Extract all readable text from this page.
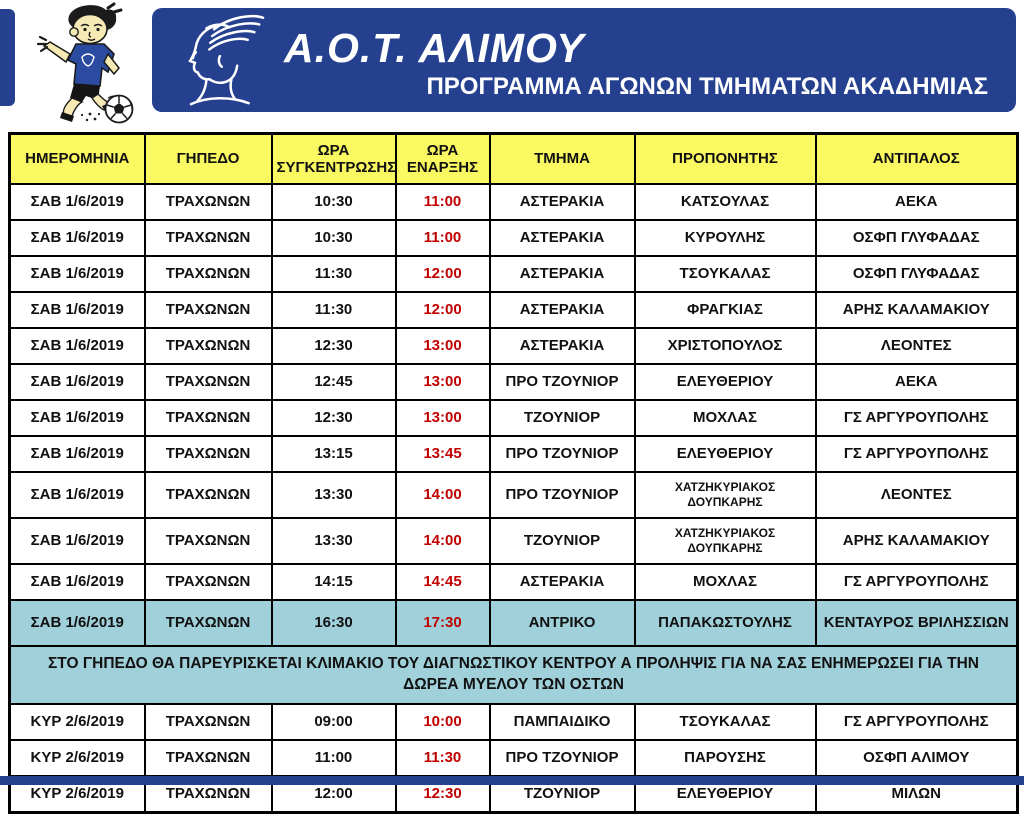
Α.Ο.Τ. ΑΛΙΜΟΥ
ΠΡΟΓΡΑΜΜΑ ΑΓΩΝΩΝ ΤΜΗΜΑΤΩΝ ΑΚΑΔΗΜΙΑΣ
ΗΜΕΡΟΜΗΝΙΑ	ΓΗΠΕΔΟ	ΩΡΑ ΣΥΓΚΕΝΤΡΩΣΗΣ	ΩΡΑ ΕΝΑΡΞΗΣ	ΤΜΗΜΑ	ΠΡΟΠΟΝΗΤΗΣ	ΑΝΤΙΠΑΛΟΣ
ΣΑΒ 1/6/2019	ΤΡΑΧΩΝΩΝ	10:30	11:00	ΑΣΤΕΡΑΚΙΑ	ΚΑΤΣΟΥΛΑΣ	ΑΕΚΑ
ΣΑΒ 1/6/2019	ΤΡΑΧΩΝΩΝ	10:30	11:00	ΑΣΤΕΡΑΚΙΑ	ΚΥΡΟΥΛΗΣ	ΟΣΦΠ ΓΛΥΦΑΔΑΣ
ΣΑΒ 1/6/2019	ΤΡΑΧΩΝΩΝ	11:30	12:00	ΑΣΤΕΡΑΚΙΑ	ΤΣΟΥΚΑΛΑΣ	ΟΣΦΠ ΓΛΥΦΑΔΑΣ
ΣΑΒ 1/6/2019	ΤΡΑΧΩΝΩΝ	11:30	12:00	ΑΣΤΕΡΑΚΙΑ	ΦΡΑΓΚΙΑΣ	ΑΡΗΣ ΚΑΛΑΜΑΚΙΟΥ
ΣΑΒ 1/6/2019	ΤΡΑΧΩΝΩΝ	12:30	13:00	ΑΣΤΕΡΑΚΙΑ	ΧΡΙΣΤΟΠΟΥΛΟΣ	ΛΕΟΝΤΕΣ
ΣΑΒ 1/6/2019	ΤΡΑΧΩΝΩΝ	12:45	13:00	ΠΡΟ ΤΖΟΥΝΙΟΡ	ΕΛΕΥΘΕΡΙΟΥ	ΑΕΚΑ
ΣΑΒ 1/6/2019	ΤΡΑΧΩΝΩΝ	12:30	13:00	ΤΖΟΥΝΙΟΡ	ΜΟΧΛΑΣ	ΓΣ ΑΡΓΥΡΟΥΠΟΛΗΣ
ΣΑΒ 1/6/2019	ΤΡΑΧΩΝΩΝ	13:15	13:45	ΠΡΟ ΤΖΟΥΝΙΟΡ	ΕΛΕΥΘΕΡΙΟΥ	ΓΣ ΑΡΓΥΡΟΥΠΟΛΗΣ
ΣΑΒ 1/6/2019	ΤΡΑΧΩΝΩΝ	13:30	14:00	ΠΡΟ ΤΖΟΥΝΙΟΡ	ΧΑΤΖΗΚΥΡΙΑΚΟΣ ΔΟΥΠΚΑΡΗΣ	ΛΕΟΝΤΕΣ
ΣΑΒ 1/6/2019	ΤΡΑΧΩΝΩΝ	13:30	14:00	ΤΖΟΥΝΙΟΡ	ΧΑΤΖΗΚΥΡΙΑΚΟΣ ΔΟΥΠΚΑΡΗΣ	ΑΡΗΣ ΚΑΛΑΜΑΚΙΟΥ
ΣΑΒ 1/6/2019	ΤΡΑΧΩΝΩΝ	14:15	14:45	ΑΣΤΕΡΑΚΙΑ	ΜΟΧΛΑΣ	ΓΣ ΑΡΓΥΡΟΥΠΟΛΗΣ
ΣΑΒ 1/6/2019	ΤΡΑΧΩΝΩΝ	16:30	17:30	ΑΝΤΡΙΚΟ	ΠΑΠΑΚΩΣΤΟΥΛΗΣ	ΚΕΝΤΑΥΡΟΣ ΒΡΙΛΗΣΣΙΩΝ
ΣΤΟ ΓΗΠΕΔΟ ΘΑ ΠΑΡΕΥΡΙΣΚΕΤΑΙ ΚΛΙΜΑΚΙΟ ΤΟΥ ΔΙΑΓΝΩΣΤΙΚΟΥ ΚΕΝΤΡΟΥ Α ΠΡΟΛΗΨΙΣ ΓΙΑ ΝΑ ΣΑΣ ΕΝΗΜΕΡΩΣΕΙ ΓΙΑ ΤΗΝ ΔΩΡΕΑ ΜΥΕΛΟΥ ΤΩΝ ΟΣΤΩΝ						
ΚΥΡ 2/6/2019	ΤΡΑΧΩΝΩΝ	09:00	10:00	ΠΑΜΠΑΙΔΙΚΟ	ΤΣΟΥΚΑΛΑΣ	ΓΣ ΑΡΓΥΡΟΥΠΟΛΗΣ
ΚΥΡ 2/6/2019	ΤΡΑΧΩΝΩΝ	11:00	11:30	ΠΡΟ ΤΖΟΥΝΙΟΡ	ΠΑΡΟΥΣΗΣ	ΟΣΦΠ ΑΛΙΜΟΥ
ΚΥΡ 2/6/2019	ΤΡΑΧΩΝΩΝ	12:00	12:30	ΤΖΟΥΝΙΟΡ	ΕΛΕΥΘΕΡΙΟΥ	ΜΙΛΩΝ
